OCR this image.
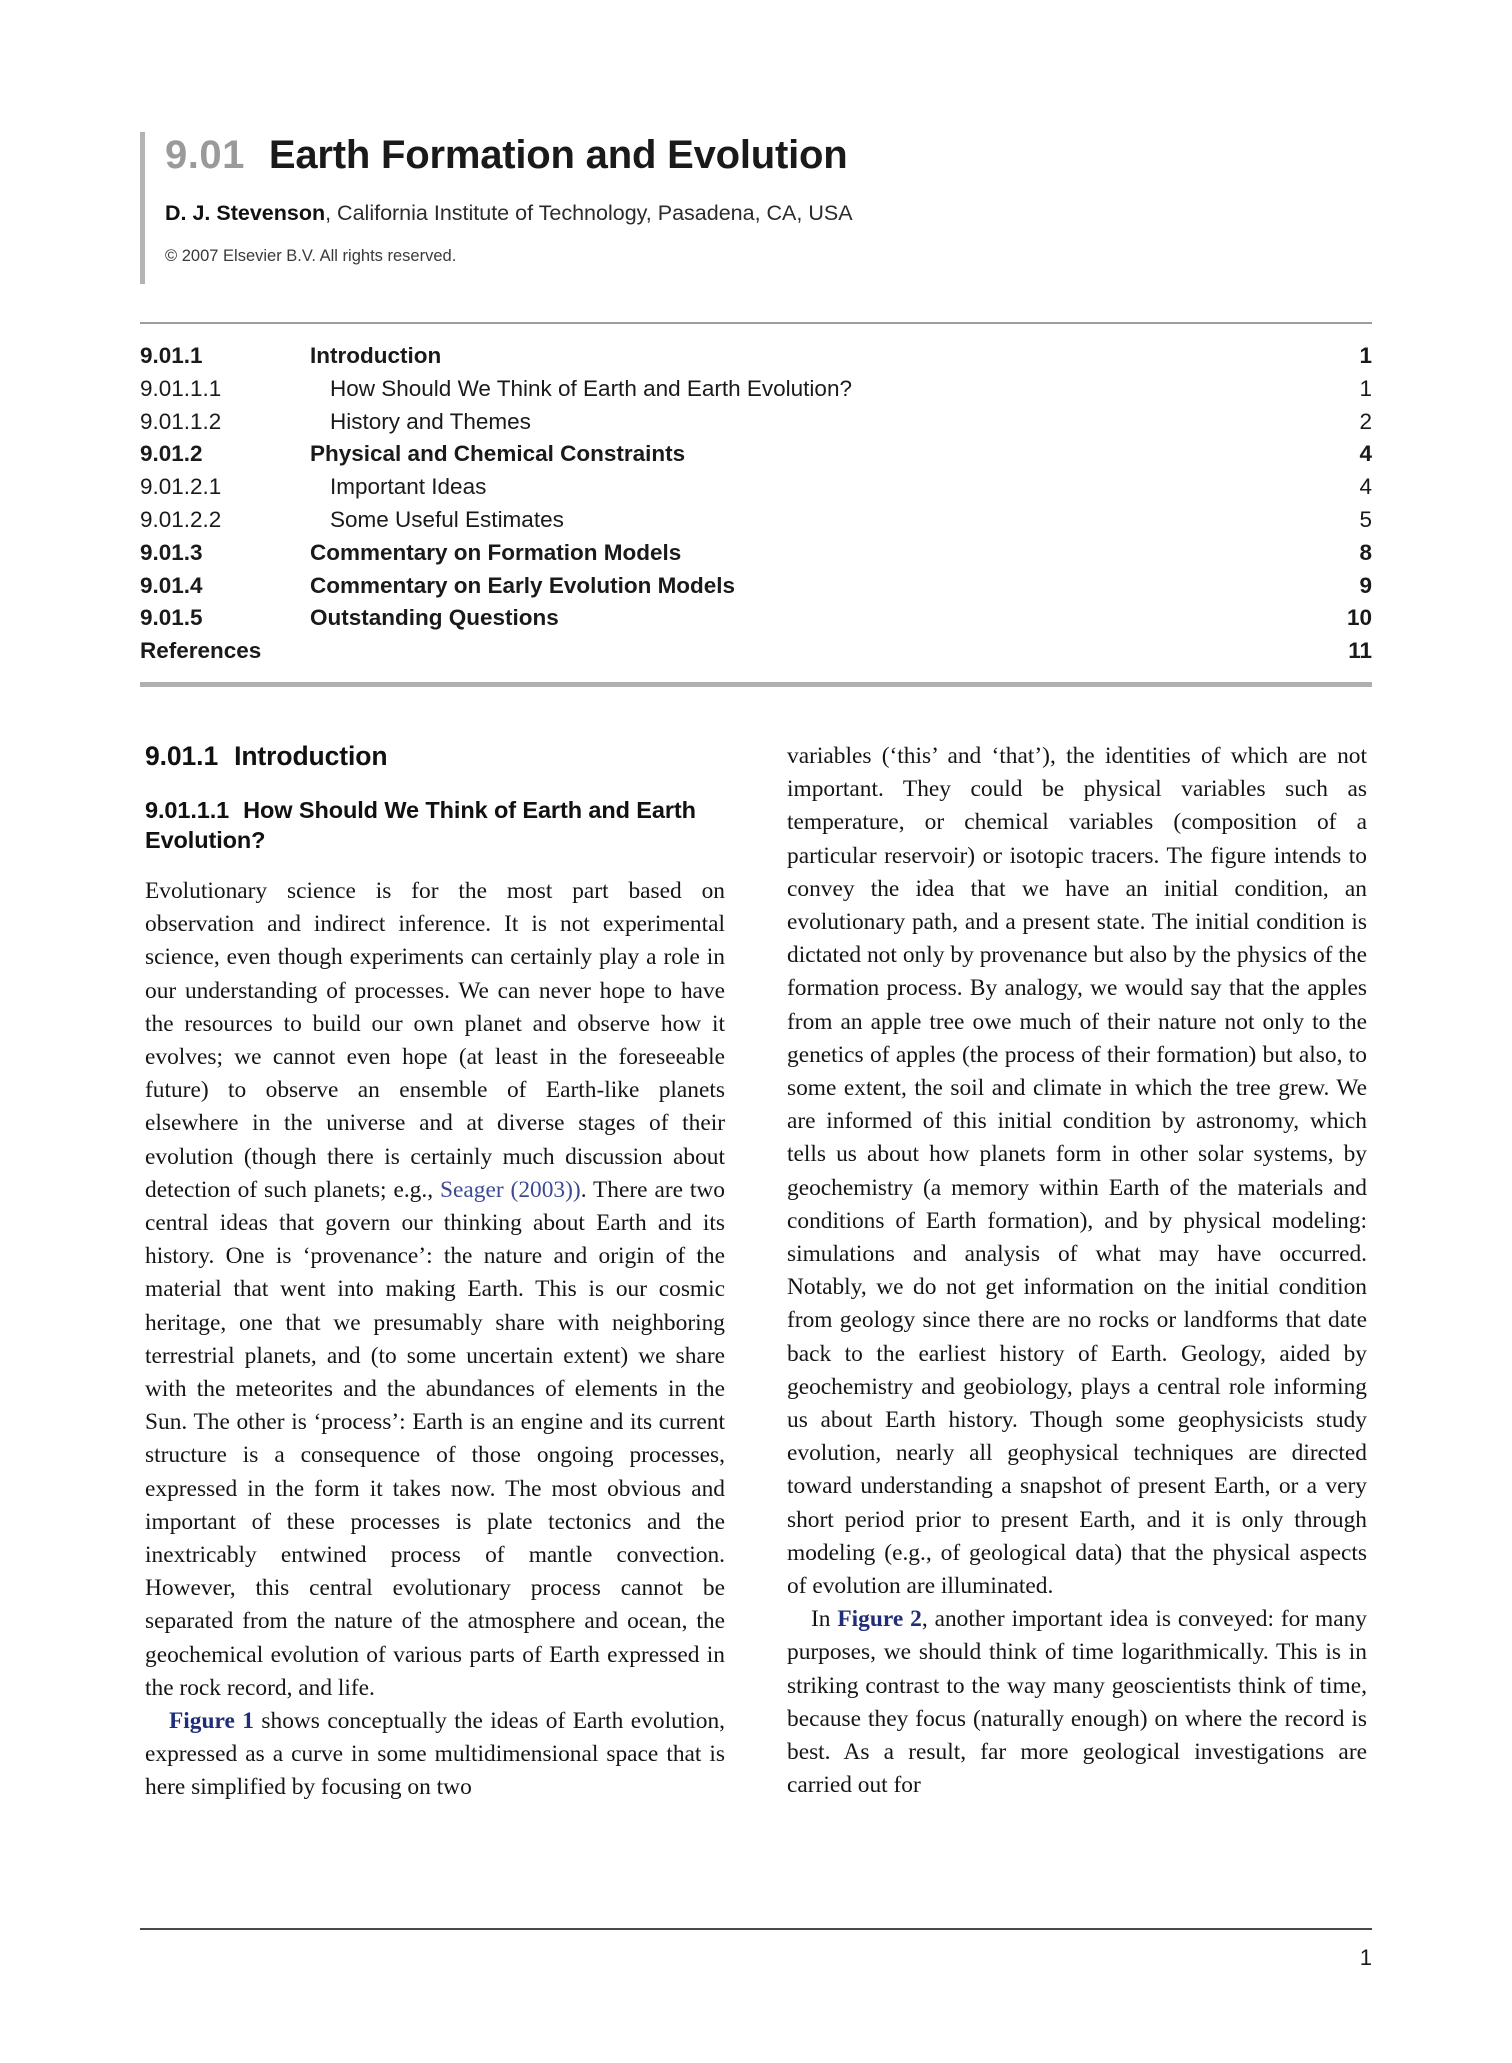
9.01 Earth Formation and Evolution
D. J. Stevenson, California Institute of Technology, Pasadena, CA, USA
© 2007 Elsevier B.V. All rights reserved.
9.01.1	Introduction	1
9.01.1.1	How Should We Think of Earth and Earth Evolution?	1
9.01.1.2	History and Themes	2
9.01.2	Physical and Chemical Constraints	4
9.01.2.1	Important Ideas	4
9.01.2.2	Some Useful Estimates	5
9.01.3	Commentary on Formation Models	8
9.01.4	Commentary on Early Evolution Models	9
9.01.5	Outstanding Questions	10
References	11
9.01.1 Introduction
9.01.1.1 How Should We Think of Earth and Earth Evolution?

Evolutionary science is for the most part based on observation and indirect inference. It is not experimental science, even though experiments can certainly play a role in our understanding of processes. We can never hope to have the resources to build our own planet and observe how it evolves; we cannot even hope (at least in the foreseeable future) to observe an ensemble of Earth-like planets elsewhere in the universe and at diverse stages of their evolution (though there is certainly much discussion about detection of such planets; e.g., Seager (2003)). There are two central ideas that govern our thinking about Earth and its history. One is ‘provenance’: the nature and origin of the material that went into making Earth. This is our cosmic heritage, one that we presumably share with neighboring terrestrial planets, and (to some uncertain extent) we share with the meteorites and the abundances of elements in the Sun. The other is ‘process’: Earth is an engine and its current structure is a consequence of those ongoing processes, expressed in the form it takes now. The most obvious and important of these processes is plate tectonics and the inextricably entwined process of mantle convection. However, this central evolutionary process cannot be separated from the nature of the atmosphere and ocean, the geochemical evolution of various parts of Earth expressed in the rock record, and life.

Figure 1 shows conceptually the ideas of Earth evolution, expressed as a curve in some multidimensional space that is here simplified by focusing on two

variables (‘this’ and ‘that’), the identities of which are not important. They could be physical variables such as temperature, or chemical variables (composition of a particular reservoir) or isotopic tracers. The figure intends to convey the idea that we have an initial condition, an evolutionary path, and a present state. The initial condition is dictated not only by provenance but also by the physics of the formation process. By analogy, we would say that the apples from an apple tree owe much of their nature not only to the genetics of apples (the process of their formation) but also, to some extent, the soil and climate in which the tree grew. We are informed of this initial condition by astronomy, which tells us about how planets form in other solar systems, by geochemistry (a memory within Earth of the materials and conditions of Earth formation), and by physical modeling: simulations and analysis of what may have occurred. Notably, we do not get information on the initial condition from geology since there are no rocks or landforms that date back to the earliest history of Earth. Geology, aided by geochemistry and geobiology, plays a central role informing us about Earth history. Though some geophysicists study evolution, nearly all geophysical techniques are directed toward understanding a snapshot of present Earth, or a very short period prior to present Earth, and it is only through modeling (e.g., of geological data) that the physical aspects of evolution are illuminated.

In Figure 2, another important idea is conveyed: for many purposes, we should think of time logarithmically. This is in striking contrast to the way many geoscientists think of time, because they focus (naturally enough) on where the record is best. As a result, far more geological investigations are carried out for

1
